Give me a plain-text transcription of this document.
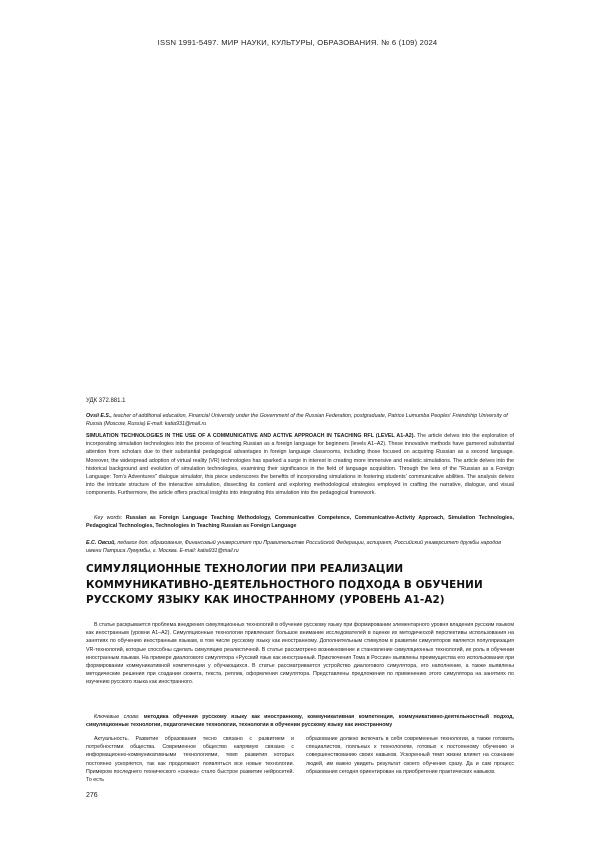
ISSN 1991-5497. МИР НАУКИ, КУЛЬТУРЫ, ОБРАЗОВАНИЯ. № 6 (109) 2024
УДК 372.881.1
Ovsii E.S., teacher of additional education, Financial University under the Government of the Russian Federation, postgraduate, Patrice Lumumba Peoples' Friendship University of Russia (Moscow, Russia) E-mail: katia931@mail.ru
SIMULATION TECHNOLOGIES IN THE USE OF A COMMUNICATIVE AND ACTIVE APPROACH IN TEACHING RFL (LEVEL A1-A2). The article delves into the exploration of incorporating simulation technologies into the process of teaching Russian as a foreign language for beginners (levels A1–A2). These innovative methods have garnered substantial attention from scholars due to their substantial pedagogical advantages in foreign language classrooms, including those focused on acquiring Russian as a second language. Moreover, the widespread adoption of virtual reality (VR) technologies has sparked a surge in interest in creating more immersive and realistic simulations. The article delves into the historical background and evolution of simulation technologies, examining their significance in the field of language acquisition. Through the lens of the "Russian as a Foreign Language: Tom's Adventures" dialogue simulator, this piece underscores the benefits of incorporating simulations in fostering students' communicative abilities. The analysis delves into the intricate structure of the interactive simulation, dissecting its content and exploring methodological strategies employed in crafting the narrative, dialogue, and visual components. Furthermore, the article offers practical insights into integrating this simulation into the pedagogical framework.
Key words: Russian as Foreign Language Teaching Methodology, Communicative Competence, Communicative-Activity Approach, Simulation Technologies, Pedagogical Technologies, Technologies in Teaching Russian as Foreign Language
Е.С. Овсий, педагог доп. образования, Финансовый университет при Правительстве Российской Федерации, аспирант, Российский университет дружбы народов имени Патриса Лумумбы, г. Москва. E-mail: katia931@mail.ru
СИМУЛЯЦИОННЫЕ ТЕХНОЛОГИИ ПРИ РЕАЛИЗАЦИИ КОММУНИКАТИВНО-ДЕЯТЕЛЬНОСТНОГО ПОДХОДА В ОБУЧЕНИИ РУССКОМУ ЯЗЫКУ КАК ИНОСТРАННОМУ (УРОВЕНЬ А1-А2)
В статье раскрывается проблема внедрения симуляционных технологий в обучение русскому языку при формировании элементарного уровня владения русским языком как иностранным (уровни А1–А2). Симуляционные технологии привлекают большое внимание исследователей в оценке их методической перспективы использования на занятиях по обучению иностранным языкам, в том числе русскому языку как иностранному. Дополнительным стимулом в развитии симуляторов является популяризация VR-технологий, которые способны сделать симуляцию реалистичной. В статье рассмотрено возникновение и становление симуляционных технологий, их роль в обучении иностранным языкам. На примере диалогового симулятора «Русский язык как иностранный. Приключения Тома в России» выявлены преимущества его использования при формировании коммуникативной компетенции у обучающихся. В статье рассматривается устройство диалогового симулятора, его наполнение, а также выявлены методические решения при создании сюжета, текста, реплик, оформления симулятора. Представлены предложения по применению этого симулятора на занятиях по изучению русского языка как иностранного.
Ключевые слова: методика обучения русскому языку как иностранному, коммуникативная компетенция, коммуникативно-деятельностный подход, симуляционные технологии, педагогические технологии, технологии в обучении русскому языку как иностранному
Актуальность. Развитие образования тесно связано с развитием и потребностями общества. Современное общество напрямую связано с информационно-коммуникативными технологиями, темп развития которых постоянно ускоряется, так как продолжают появляться все новые технологии. Примером последнего технического «скачка» стало быстрое развитие нейросетей. То есть
образование должно включать в себя современные технологии, а также готовить специалистов, лояльных к технологиям, готовых к постоянному обучению и совершенствованию своих навыков. Ускоренный темп жизни влияет на сознание людей, им важно увидеть результат своего обучения сразу. Да и сам процесс образования сегодня ориентирован на приобретение практических навыков.
276
